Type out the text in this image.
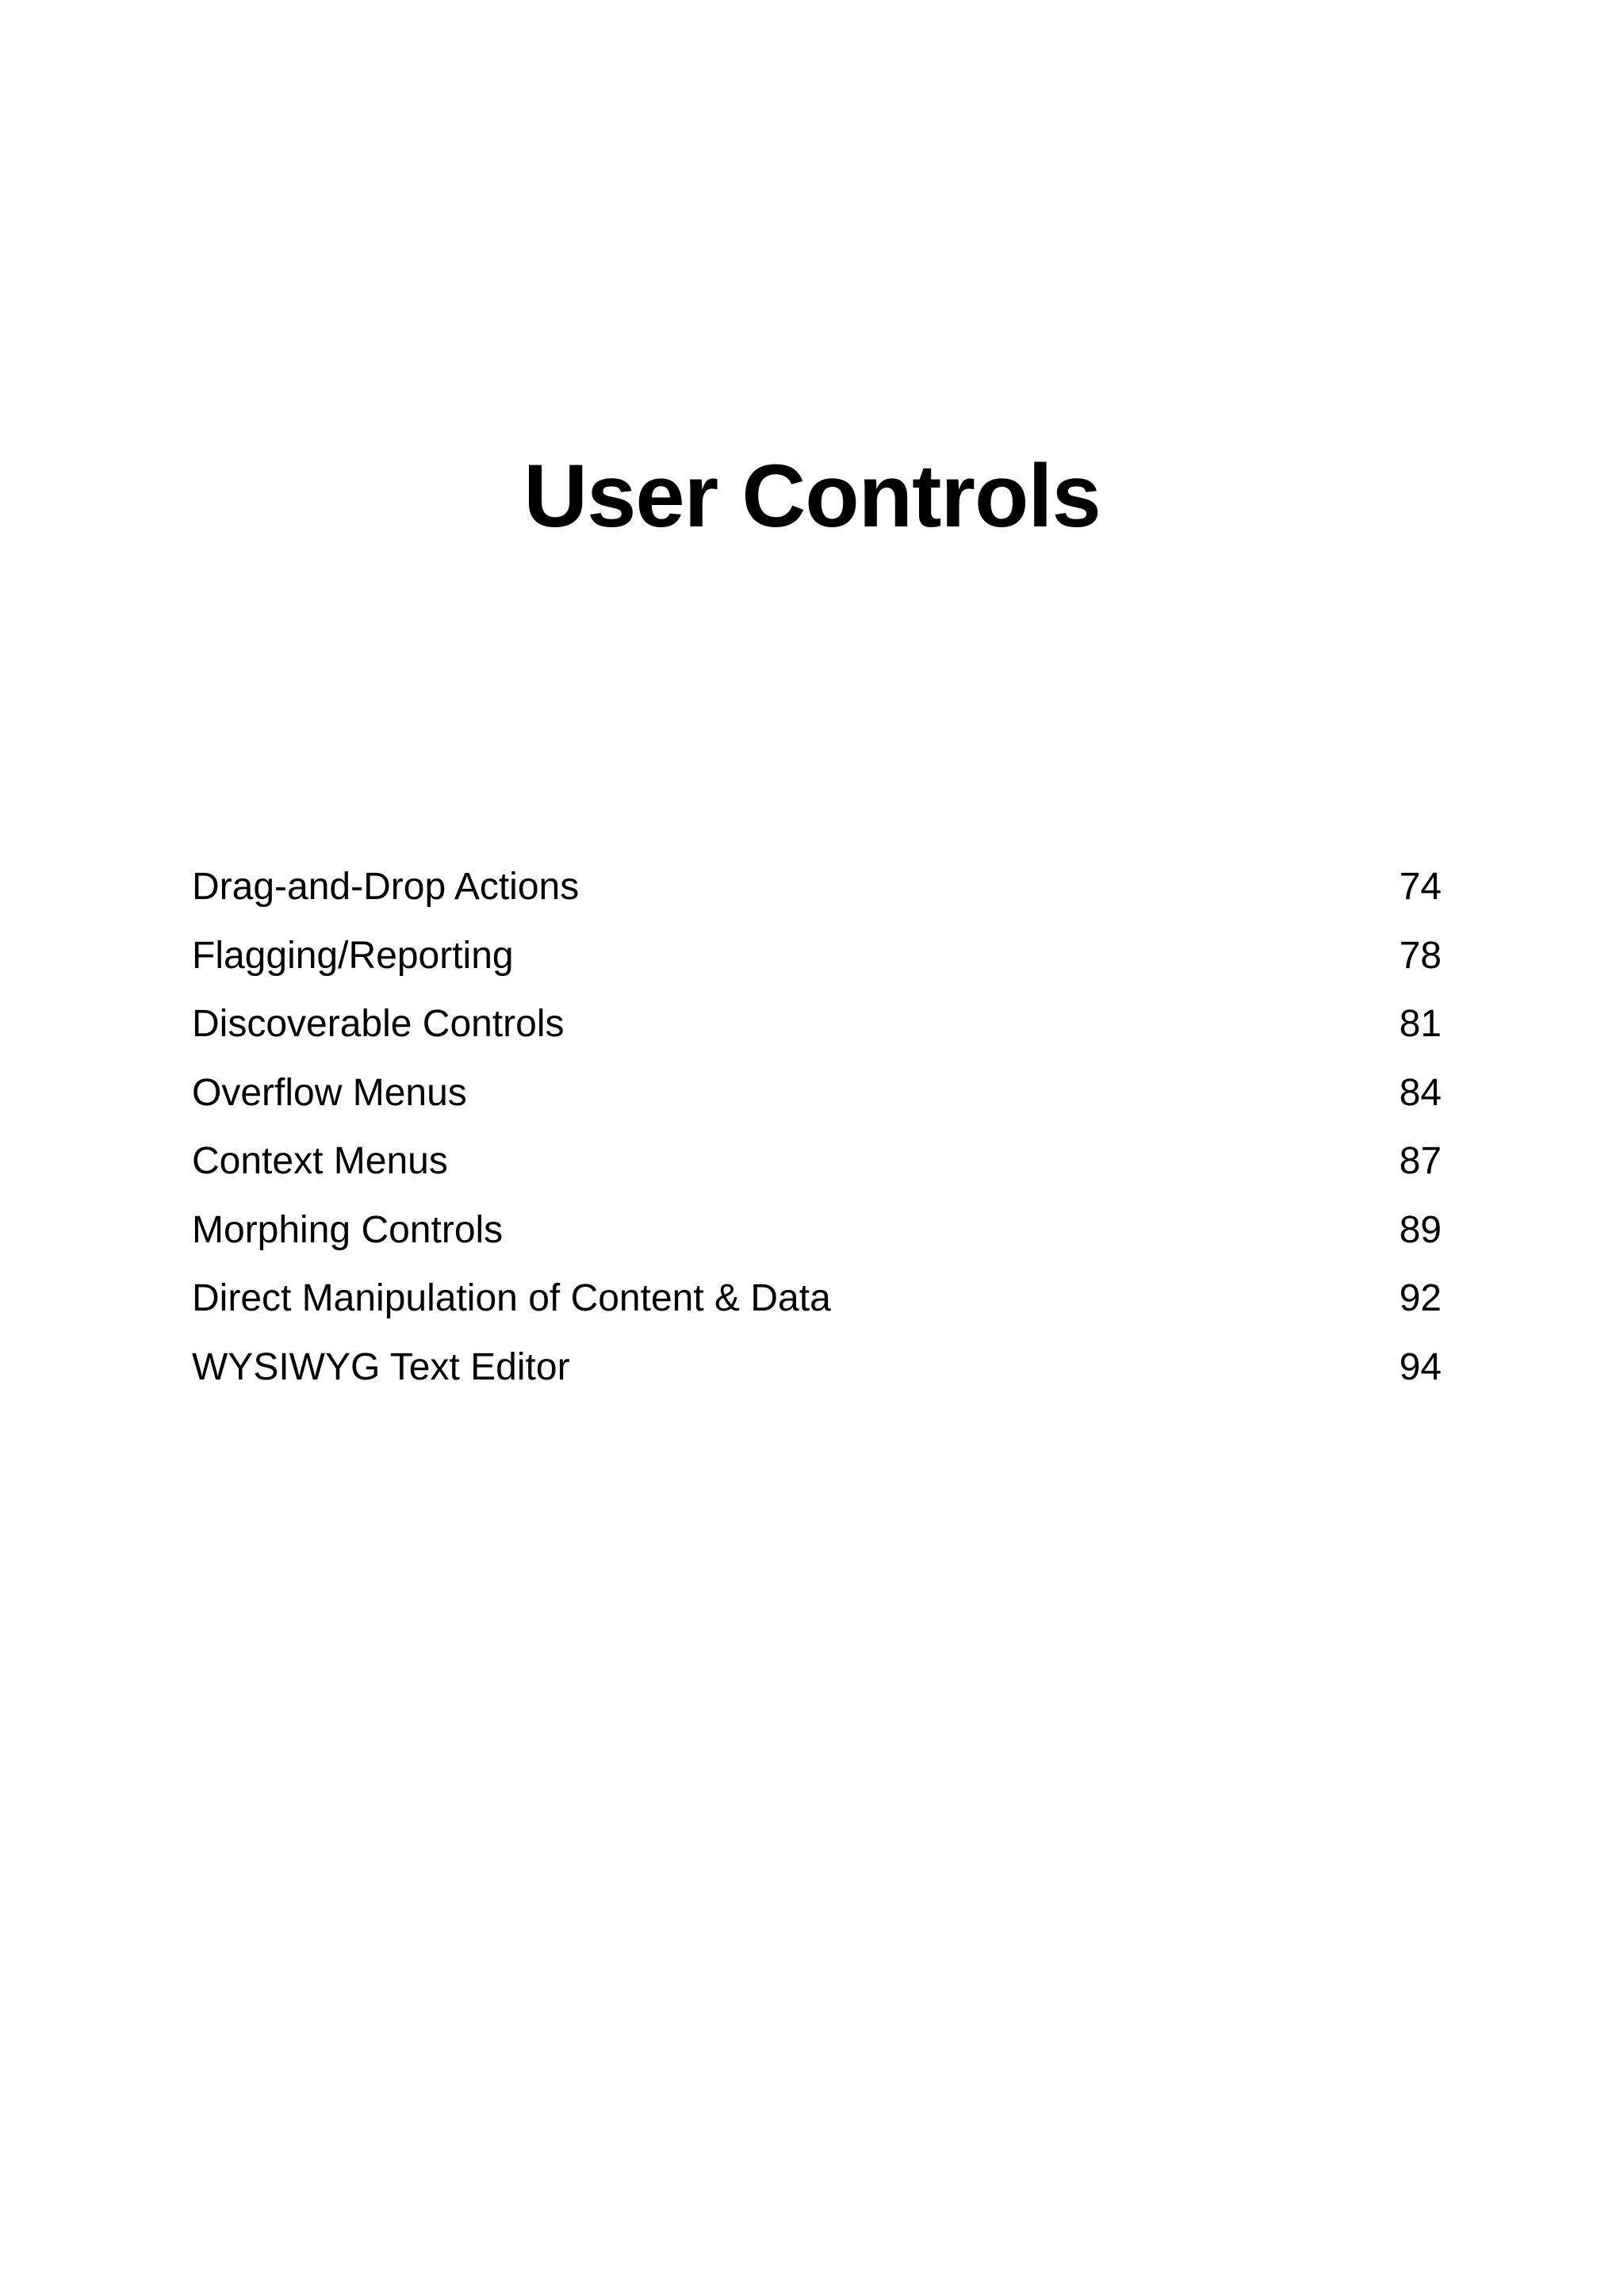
User Controls
Drag-and-Drop Actions	74
Flagging/Reporting	78
Discoverable Controls	81
Overflow Menus	84
Context Menus	87
Morphing Controls	89
Direct Manipulation of Content & Data	92
WYSIWYG Text Editor	94
